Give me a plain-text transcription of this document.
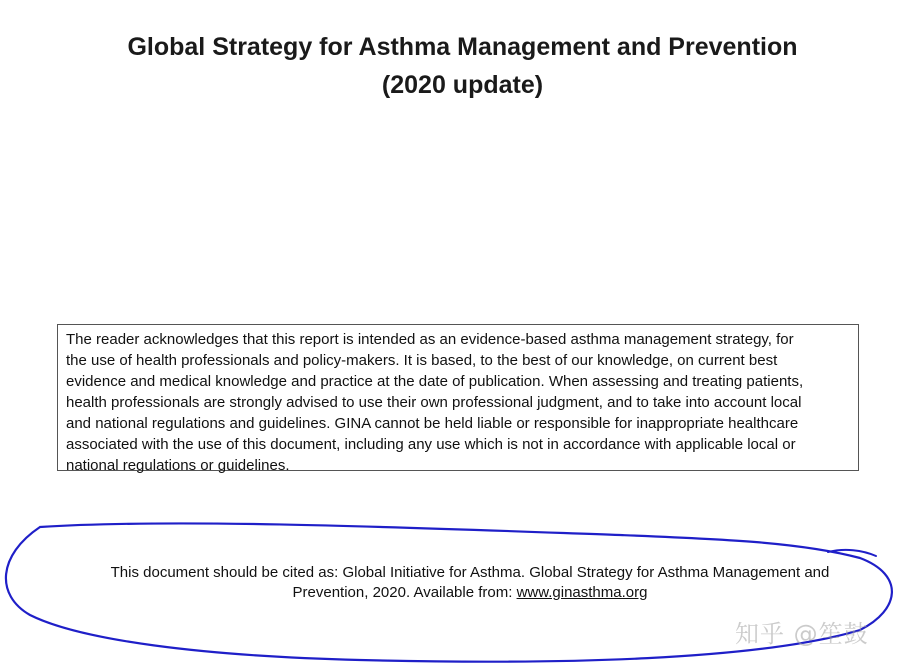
Global Strategy for Asthma Management and Prevention
(2020 update)
The reader acknowledges that this report is intended as an evidence-based asthma management strategy, for
the use of health professionals and policy-makers. It is based, to the best of our knowledge, on current best
evidence and medical knowledge and practice at the date of publication. When assessing and treating patients,
health professionals are strongly advised to use their own professional judgment, and to take into account local
and national regulations and guidelines. GINA cannot be held liable or responsible for inappropriate healthcare
associated with the use of this document, including any use which is not in accordance with applicable local or
national regulations or guidelines.
This document should be cited as: Global Initiative for Asthma. Global Strategy for Asthma Management and
Prevention, 2020. Available from: www.ginasthma.org
知乎 @笙鼓
